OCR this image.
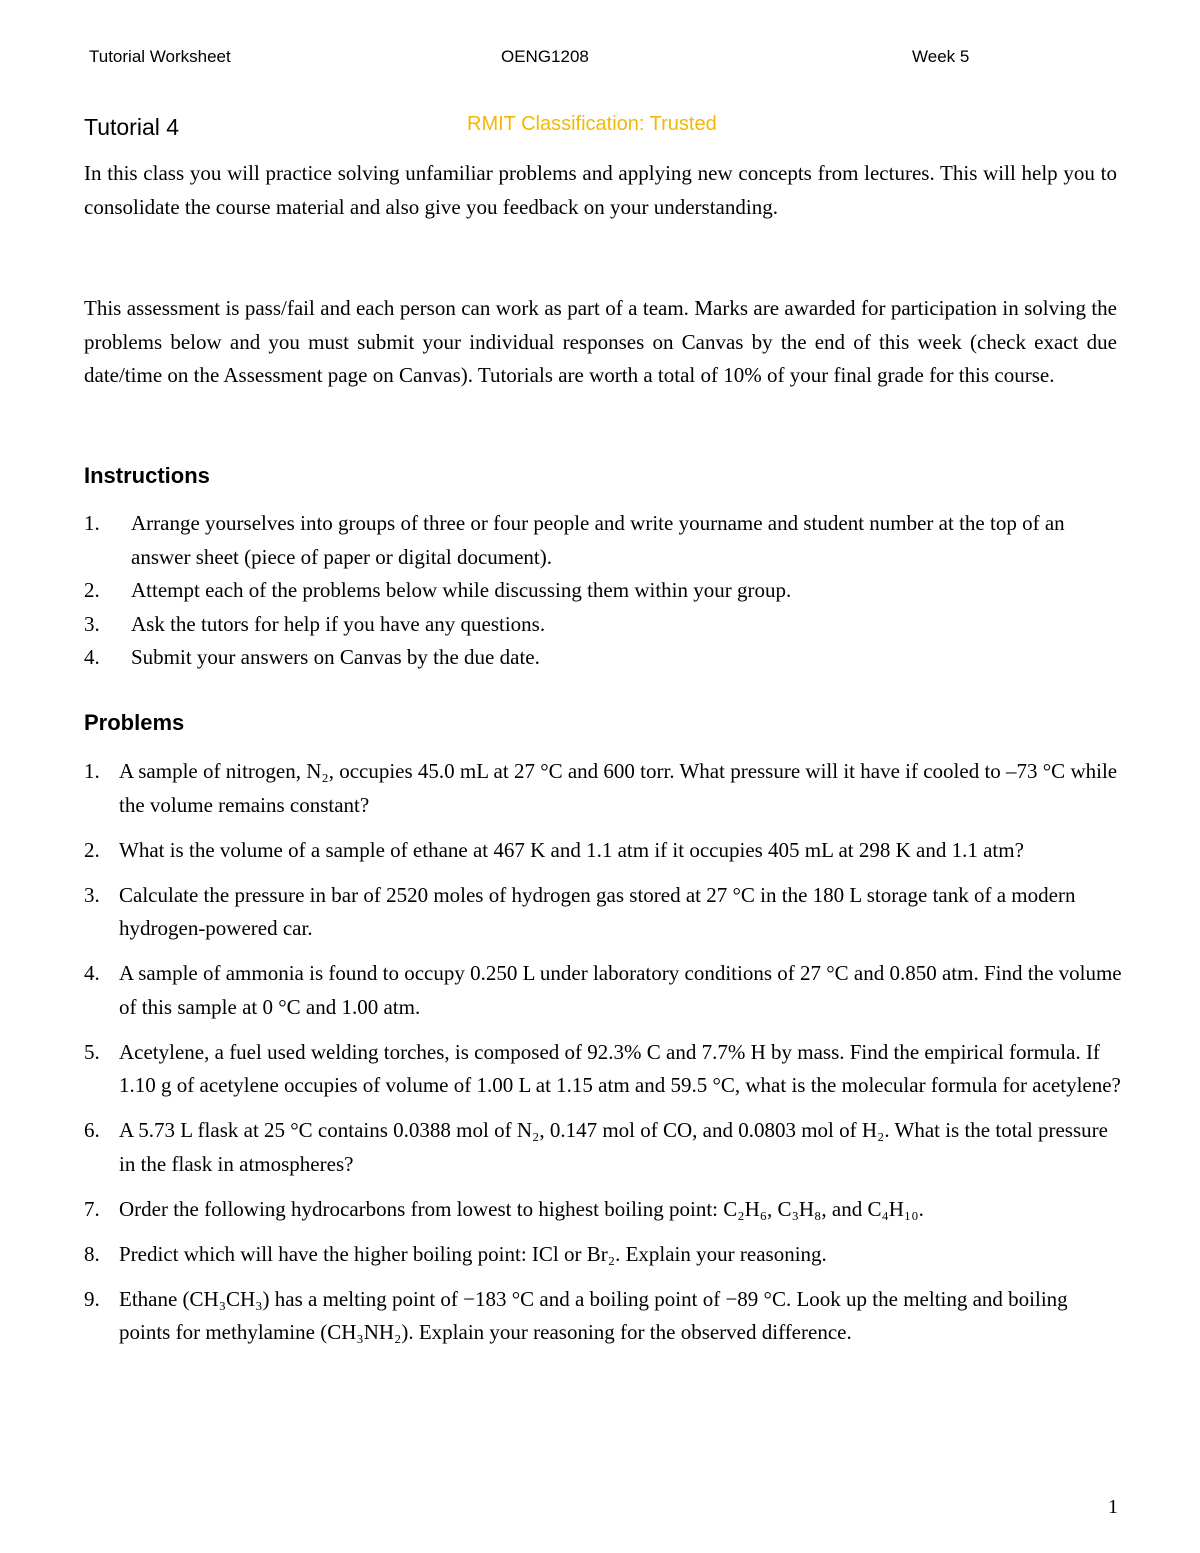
Tutorial Worksheet	OENG1208	Week 5
Tutorial 4	RMIT Classification: Trusted

In this class you will practice solving unfamiliar problems and applying new concepts from lectures. This will help you to consolidate the course material and also give you feedback on your understanding.

This assessment is pass/fail and each person can work as part of a team. Marks are awarded for participation in solving the problems below and you must submit your individual responses on Canvas by the end of this week (check exact due date/time on the Assessment page on Canvas). Tutorials are worth a total of 10% of your final grade for this course.

Instructions
1. Arrange yourselves into groups of three or four people and write yourname and student number at the top of an answer sheet (piece of paper or digital document).
2. Attempt each of the problems below while discussing them within your group.
3. Ask the tutors for help if you have any questions.
4. Submit your answers on Canvas by the due date.
Problems
1. A sample of nitrogen, N₂, occupies 45.0 mL at 27 °C and 600 torr. What pressure will it have if cooled to –73 °C while the volume remains constant?
2. What is the volume of a sample of ethane at 467 K and 1.1 atm if it occupies 405 mL at 298 K and 1.1 atm?
3. Calculate the pressure in bar of 2520 moles of hydrogen gas stored at 27 °C in the 180 L storage tank of a modern hydrogen-powered car.
4. A sample of ammonia is found to occupy 0.250 L under laboratory conditions of 27 °C and 0.850 atm. Find the volume of this sample at 0 °C and 1.00 atm.
5. Acetylene, a fuel used welding torches, is composed of 92.3% C and 7.7% H by mass. Find the empirical formula. If 1.10 g of acetylene occupies of volume of 1.00 L at 1.15 atm and 59.5 °C, what is the molecular formula for acetylene?
6. A 5.73 L flask at 25 °C contains 0.0388 mol of N₂, 0.147 mol of CO, and 0.0803 mol of H₂. What is the total pressure in the flask in atmospheres?
7. Order the following hydrocarbons from lowest to highest boiling point: C₂H₆, C₃H₈, and C₄H₁₀.
8. Predict which will have the higher boiling point: ICl or Br₂. Explain your reasoning.
9. Ethane (CH₃CH₃) has a melting point of −183 °C and a boiling point of −89 °C. Look up the melting and boiling points for methylamine (CH₃NH₂). Explain your reasoning for the observed difference.
1
